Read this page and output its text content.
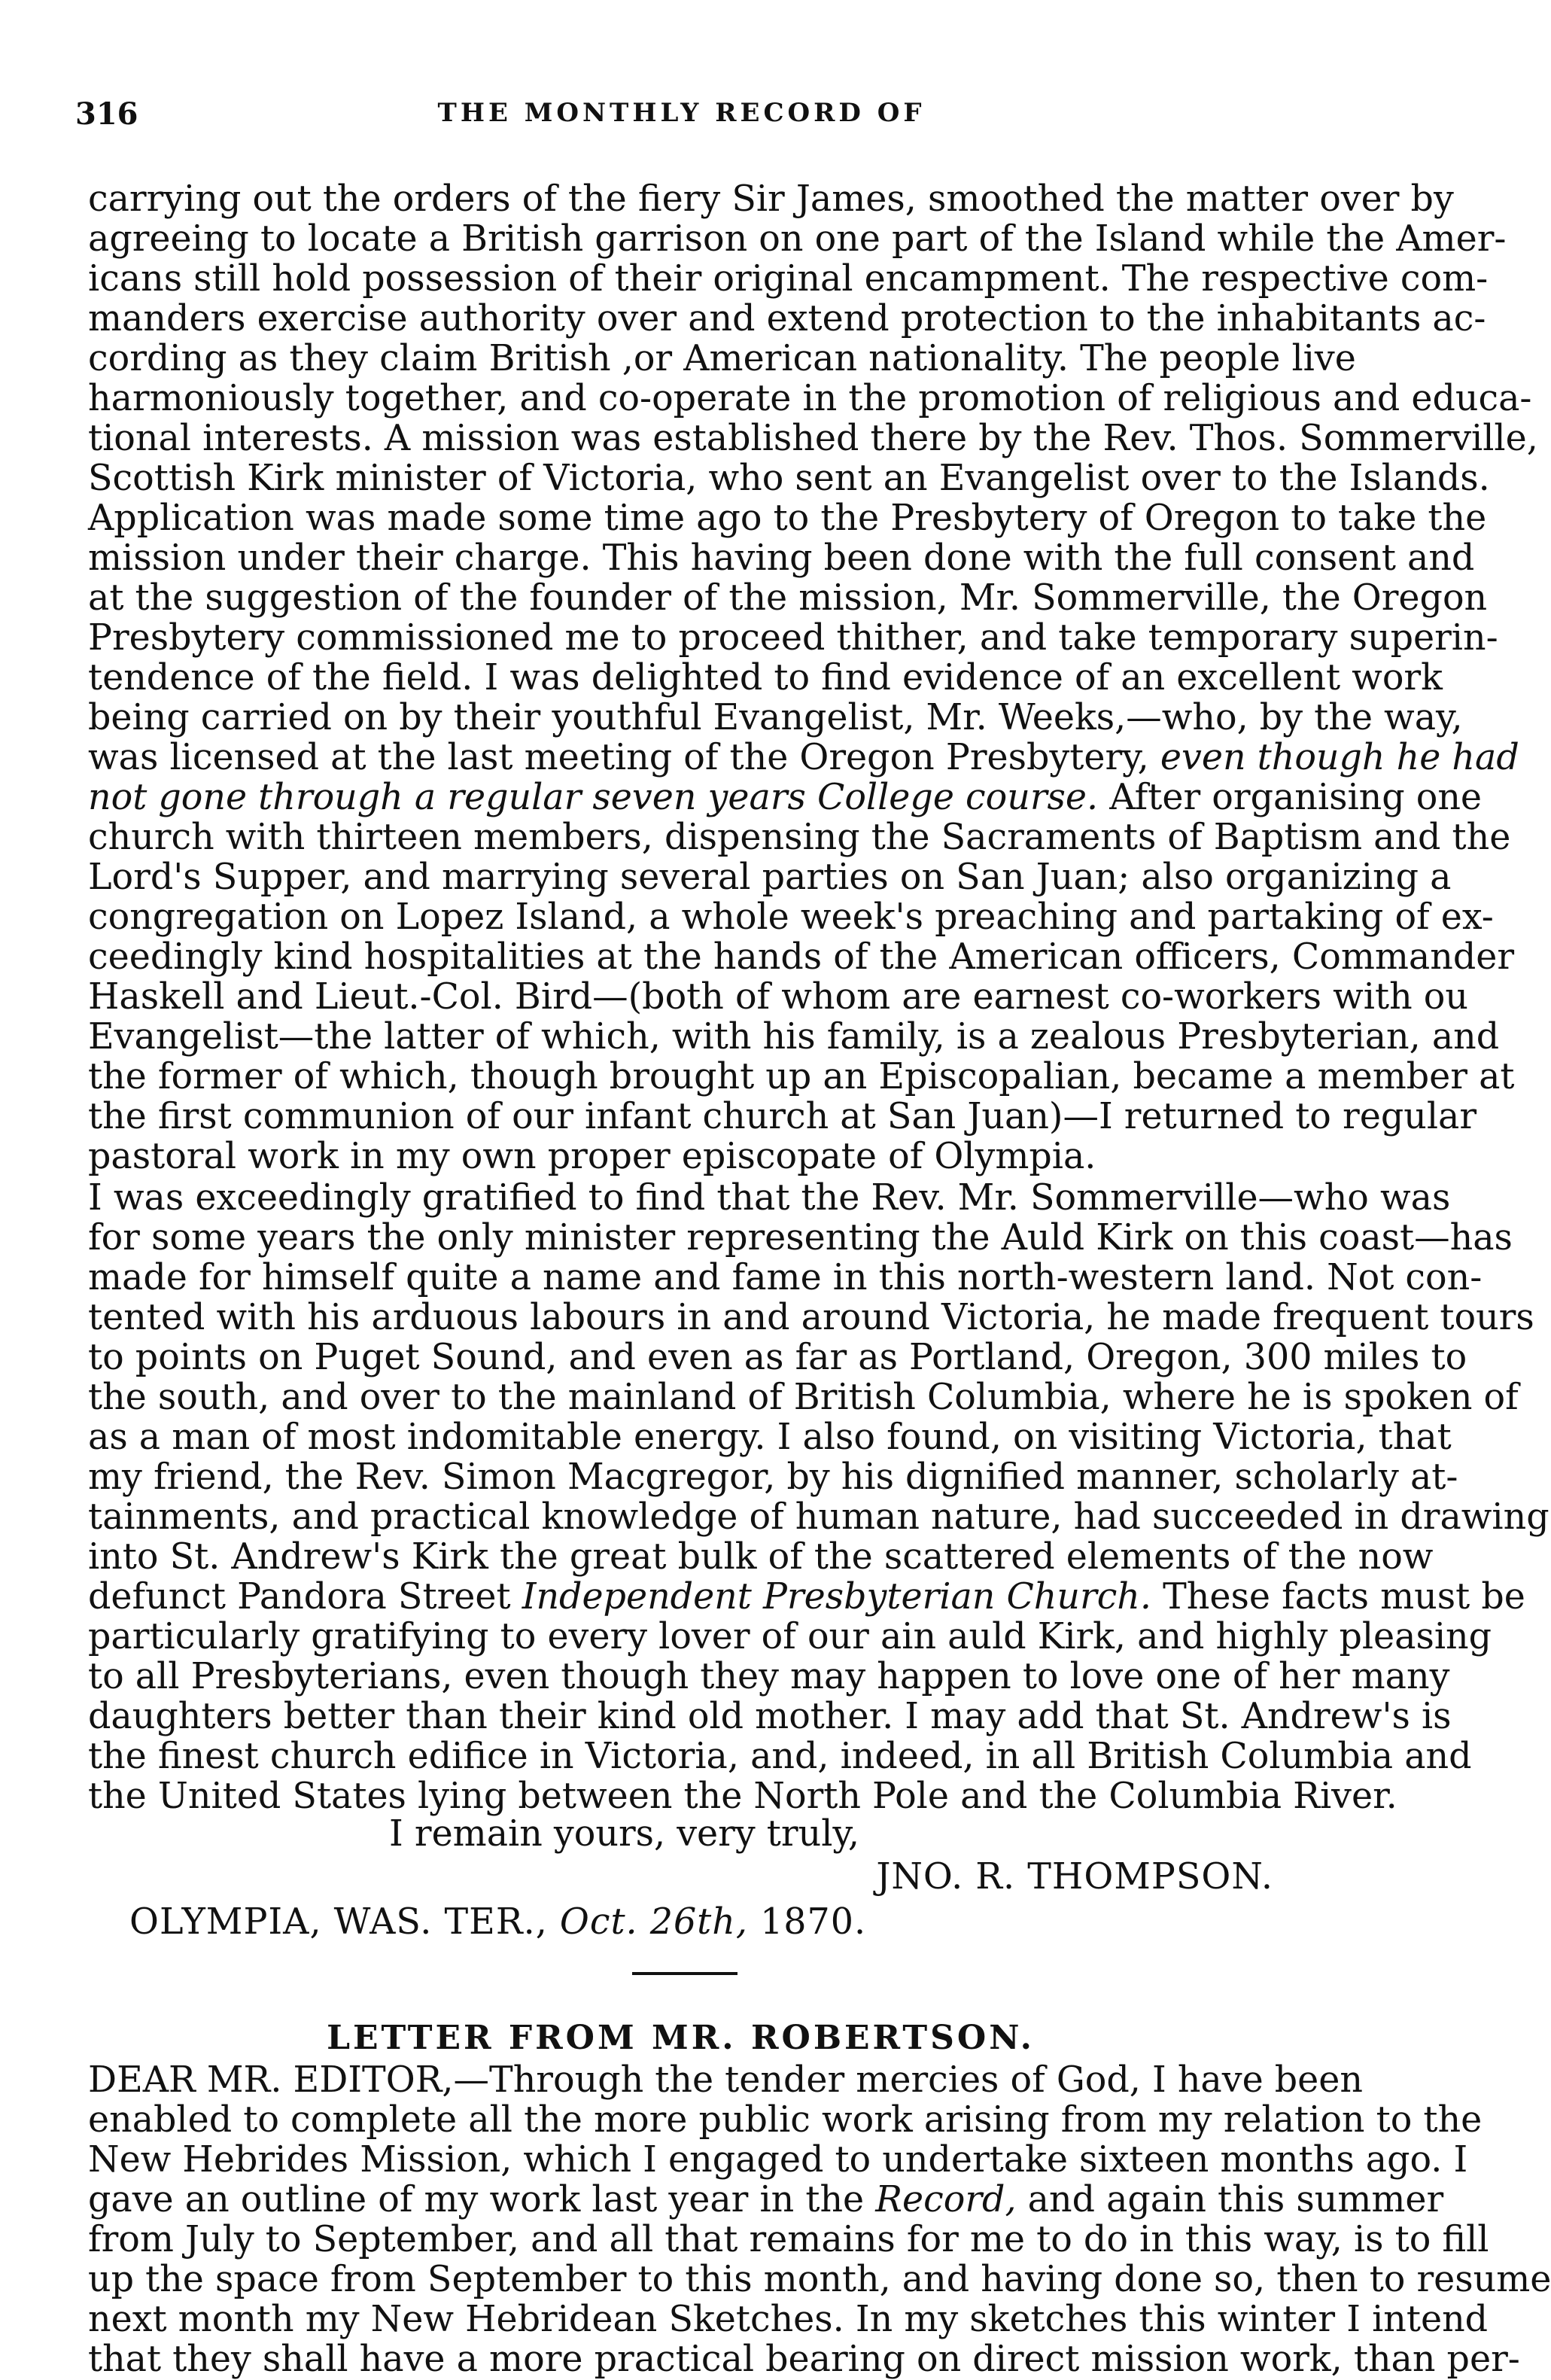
316	THE MONTHLY RECORD OF

carrying out the orders of the fiery Sir James, smoothed the matter over by
agreeing to locate a British garrison on one part of the Island while the Amer-
icans still hold possession of their original encampment. The respective com-
manders exercise authority over and extend protection to the inhabitants ac-
cording as they claim British ,or American nationality. The people live
harmoniously together, and co-operate in the promotion of religious and educa-
tional interests. A mission was established there by the Rev. Thos. Sommerville,
Scottish Kirk minister of Victoria, who sent an Evangelist over to the Islands.
Application was made some time ago to the Presbytery of Oregon to take the
mission under their charge. This having been done with the full consent and
at the suggestion of the founder of the mission, Mr. Sommerville, the Oregon
Presbytery commissioned me to proceed thither, and take temporary superin-
tendence of the field. I was delighted to find evidence of an excellent work
being carried on by their youthful Evangelist, Mr. Weeks,—who, by the way,
was licensed at the last meeting of the Oregon Presbytery, even though he had
not gone through a regular seven years College course. After organising one
church with thirteen members, dispensing the Sacraments of Baptism and the
Lord's Supper, and marrying several parties on San Juan; also organizing a
congregation on Lopez Island, a whole week's preaching and partaking of ex-
ceedingly kind hospitalities at the hands of the American officers, Commander
Haskell and Lieut.-Col. Bird—(both of whom are earnest co-workers with ou
Evangelist—the latter of which, with his family, is a zealous Presbyterian, and
the former of which, though brought up an Episcopalian, became a member at
the first communion of our infant church at San Juan)—I returned to regular
pastoral work in my own proper episcopate of Olympia.

I was exceedingly gratified to find that the Rev. Mr. Sommerville—who was
for some years the only minister representing the Auld Kirk on this coast—has
made for himself quite a name and fame in this north-western land. Not con-
tented with his arduous labours in and around Victoria, he made frequent tours
to points on Puget Sound, and even as far as Portland, Oregon, 300 miles to
the south, and over to the mainland of British Columbia, where he is spoken of
as a man of most indomitable energy. I also found, on visiting Victoria, that
my friend, the Rev. Simon Macgregor, by his dignified manner, scholarly at-
tainments, and practical knowledge of human nature, had succeeded in drawing
into St. Andrew's Kirk the great bulk of the scattered elements of the now
defunct Pandora Street Independent Presbyterian Church. These facts must be
particularly gratifying to every lover of our ain auld Kirk, and highly pleasing
to all Presbyterians, even though they may happen to love one of her many
daughters better than their kind old mother. I may add that St. Andrew's is
the finest church edifice in Victoria, and, indeed, in all British Columbia and
the United States lying between the North Pole and the Columbia River.

I remain yours, very truly,
JNO. R. THOMPSON.
OLYMPIA, WAS. TER., Oct. 26th, 1870.
LETTER FROM MR. ROBERTSON.

DEAR MR. EDITOR,—Through the tender mercies of God, I have been
enabled to complete all the more public work arising from my relation to the
New Hebrides Mission, which I engaged to undertake sixteen months ago. I
gave an outline of my work last year in the Record, and again this summer
from July to September, and all that remains for me to do in this way, is to fill
up the space from September to this month, and having done so, then to resume
next month my New Hebridean Sketches. In my sketches this winter I intend
that they shall have a more practical bearing on direct mission work, than per-
